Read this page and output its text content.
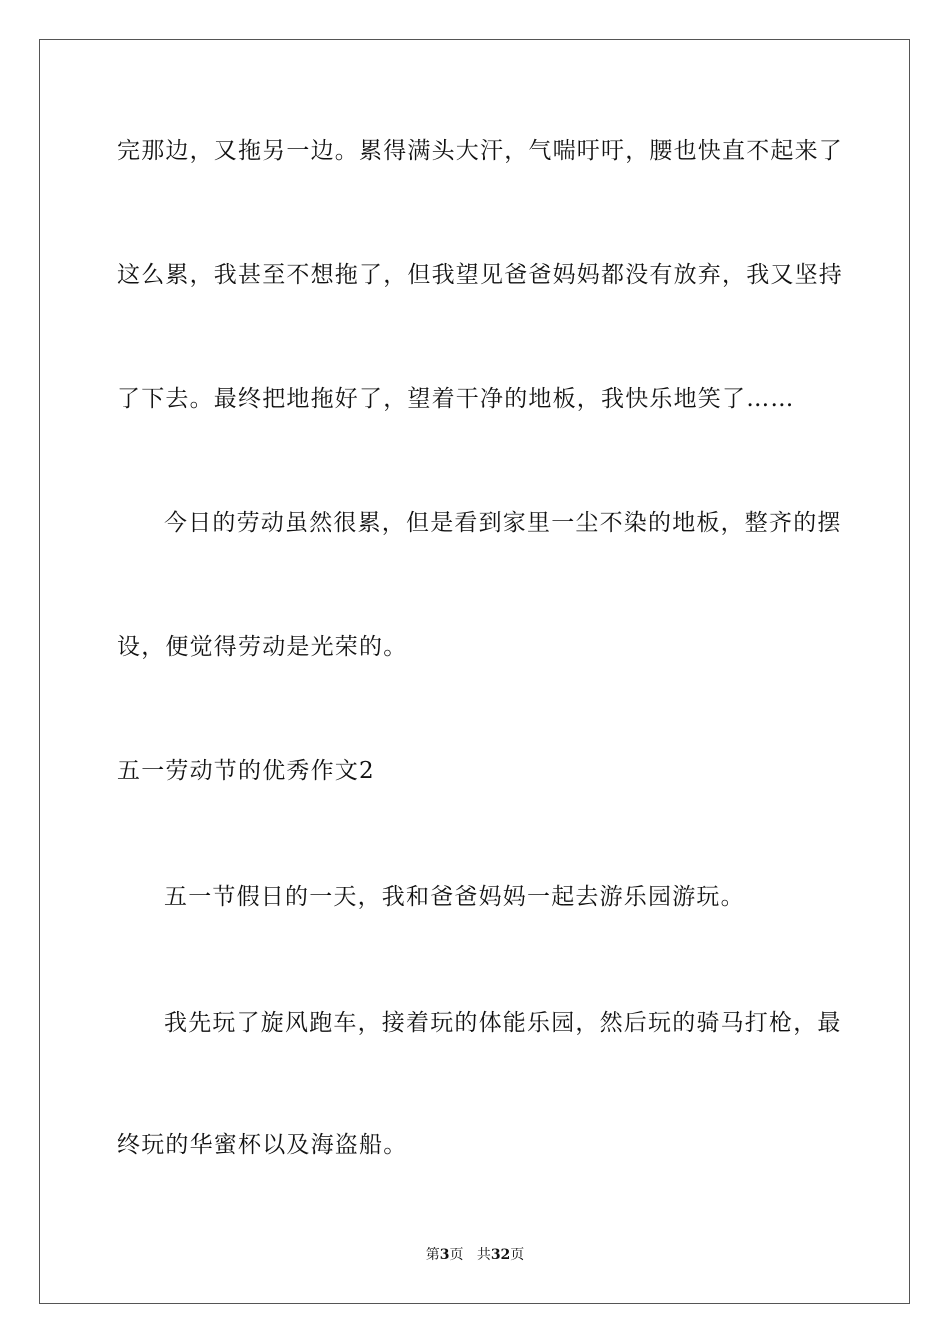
完那边，又拖另一边。累得满头大汗，气喘吁吁，腰也快直不起来了
这么累，我甚至不想拖了，但我望见爸爸妈妈都没有放弃，我又坚持
了下去。最终把地拖好了，望着干净的地板，我快乐地笑了……
今日的劳动虽然很累，但是看到家里一尘不染的地板，整齐的摆
设，便觉得劳动是光荣的。
五一劳动节的优秀作文2
五一节假日的一天，我和爸爸妈妈一起去游乐园游玩。
我先玩了旋风跑车，接着玩的体能乐园，然后玩的骑马打枪，最
终玩的华蜜杯以及海盗船。
第3页 共32页
